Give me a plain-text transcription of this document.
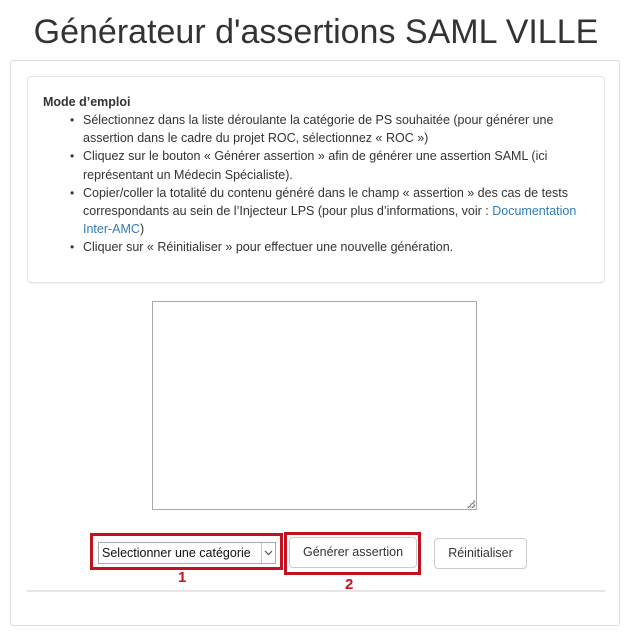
Générateur d'assertions SAML VILLE

Mode d’emploi

• Sélectionnez dans la liste déroulante la catégorie de PS souhaitée (pour générer une assertion dans le cadre du projet ROC, sélectionnez « ROC »)
• Cliquez sur le bouton « Générer assertion » afin de générer une assertion SAML (ici représentant un Médecin Spécialiste).
• Copier/coller la totalité du contenu généré dans le champ « assertion » des cas de tests correspondants au sein de l’Injecteur LPS (pour plus d’informations, voir : Documentation Inter-AMC)
• Cliquer sur « Réinitialiser » pour effectuer une nouvelle génération.
Selectionner une catégorie
1
Générer assertion
2
Réinitialiser
